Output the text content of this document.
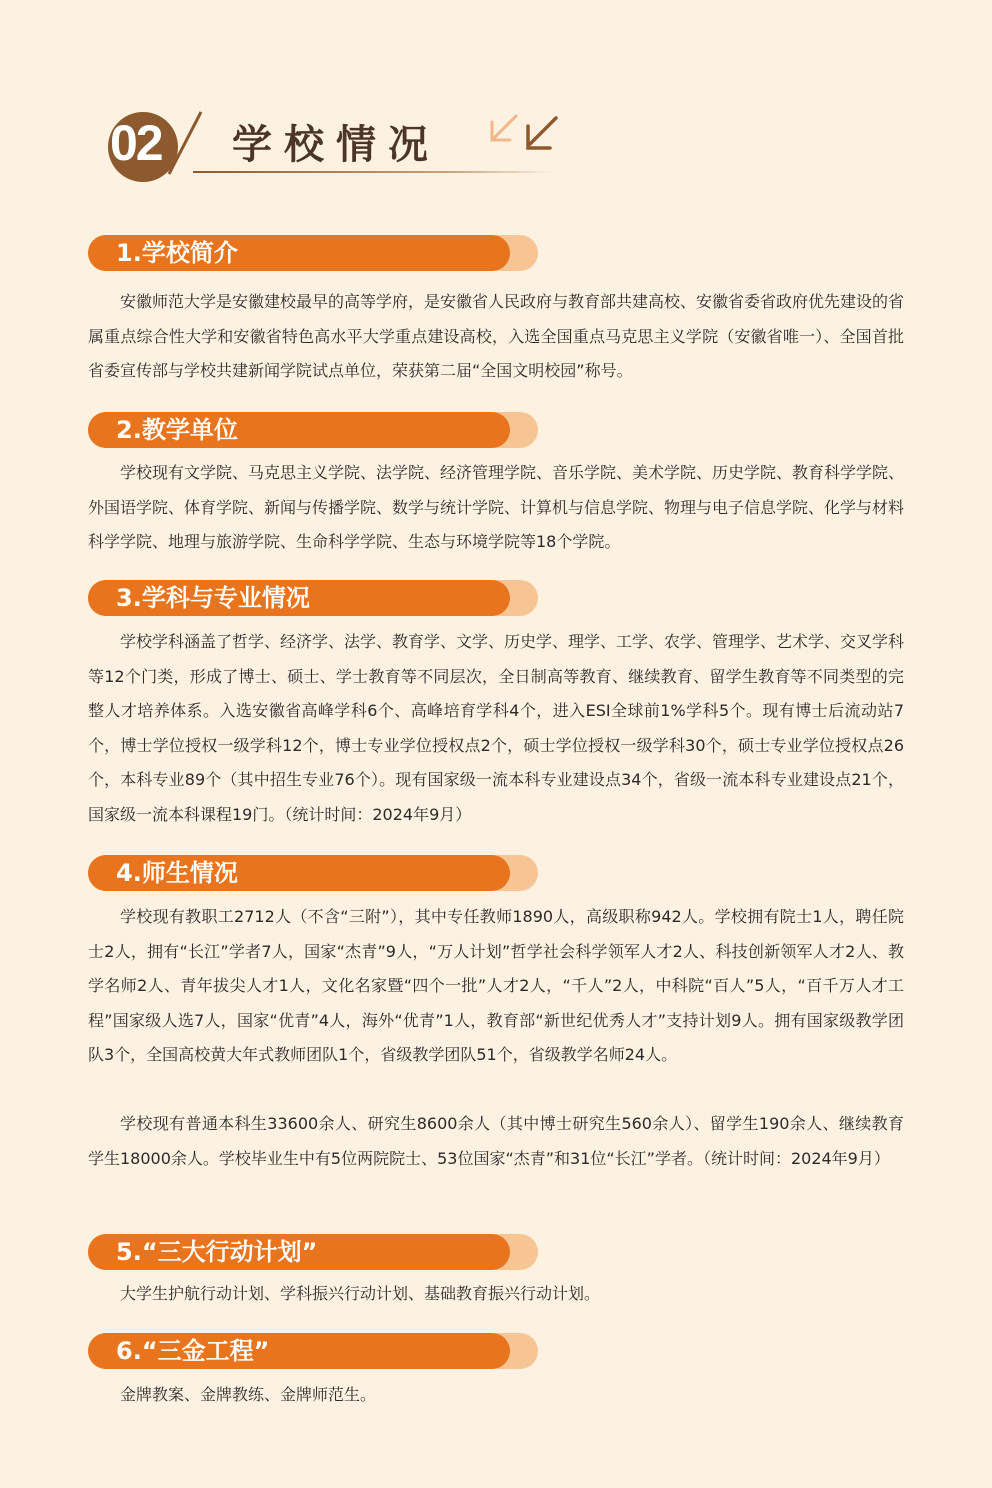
02 学校情况
1.学校简介

安徽师范大学是安徽建校最早的高等学府，是安徽省人民政府与教育部共建高校、安徽省委省政府优先建设的省属重点综合性大学和安徽省特色高水平大学重点建设高校，入选全国重点马克思主义学院（安徽省唯一）、全国首批省委宣传部与学校共建新闻学院试点单位，荣获第二届“全国文明校园”称号。

2.教学单位

学校现有文学院、马克思主义学院、法学院、经济管理学院、音乐学院、美术学院、历史学院、教育科学学院、外国语学院、体育学院、新闻与传播学院、数学与统计学院、计算机与信息学院、物理与电子信息学院、化学与材料科学学院、地理与旅游学院、生命科学学院、生态与环境学院等18个学院。

3.学科与专业情况

学校学科涵盖了哲学、经济学、法学、教育学、文学、历史学、理学、工学、农学、管理学、艺术学、交叉学科等12个门类，形成了博士、硕士、学士教育等不同层次，全日制高等教育、继续教育、留学生教育等不同类型的完整人才培养体系。入选安徽省高峰学科6个、高峰培育学科4个，进入ESI全球前1%学科5个。现有博士后流动站7个，博士学位授权一级学科12个，博士专业学位授权点2个，硕士学位授权一级学科30个，硕士专业学位授权点26个，本科专业89个（其中招生专业76个）。现有国家级一流本科专业建设点34个，省级一流本科专业建设点21个，国家级一流本科课程19门。（统计时间：2024年9月）

4.师生情况

学校现有教职工2712人（不含“三附”），其中专任教师1890人，高级职称942人。学校拥有院士1人，聘任院士2人，拥有“长江”学者7人，国家“杰青”9人，“万人计划”哲学社会科学领军人才2人、科技创新领军人才2人、教学名师2人、青年拔尖人才1人，文化名家暨“四个一批”人才2人，“千人”2人，中科院“百人”5人，“百千万人才工程”国家级人选7人，国家“优青”4人，海外“优青”1人，教育部“新世纪优秀人才”支持计划9人。拥有国家级教学团队3个，全国高校黄大年式教师团队1个，省级教学团队51个，省级教学名师24人。

学校现有普通本科生33600余人、研究生8600余人（其中博士研究生560余人）、留学生190余人、继续教育学生18000余人。学校毕业生中有5位两院院士、53位国家“杰青”和31位“长江”学者。（统计时间：2024年9月）

5.“三大行动计划”

大学生护航行动计划、学科振兴行动计划、基础教育振兴行动计划。

6.“三金工程”

金牌教案、金牌教练、金牌师范生。
